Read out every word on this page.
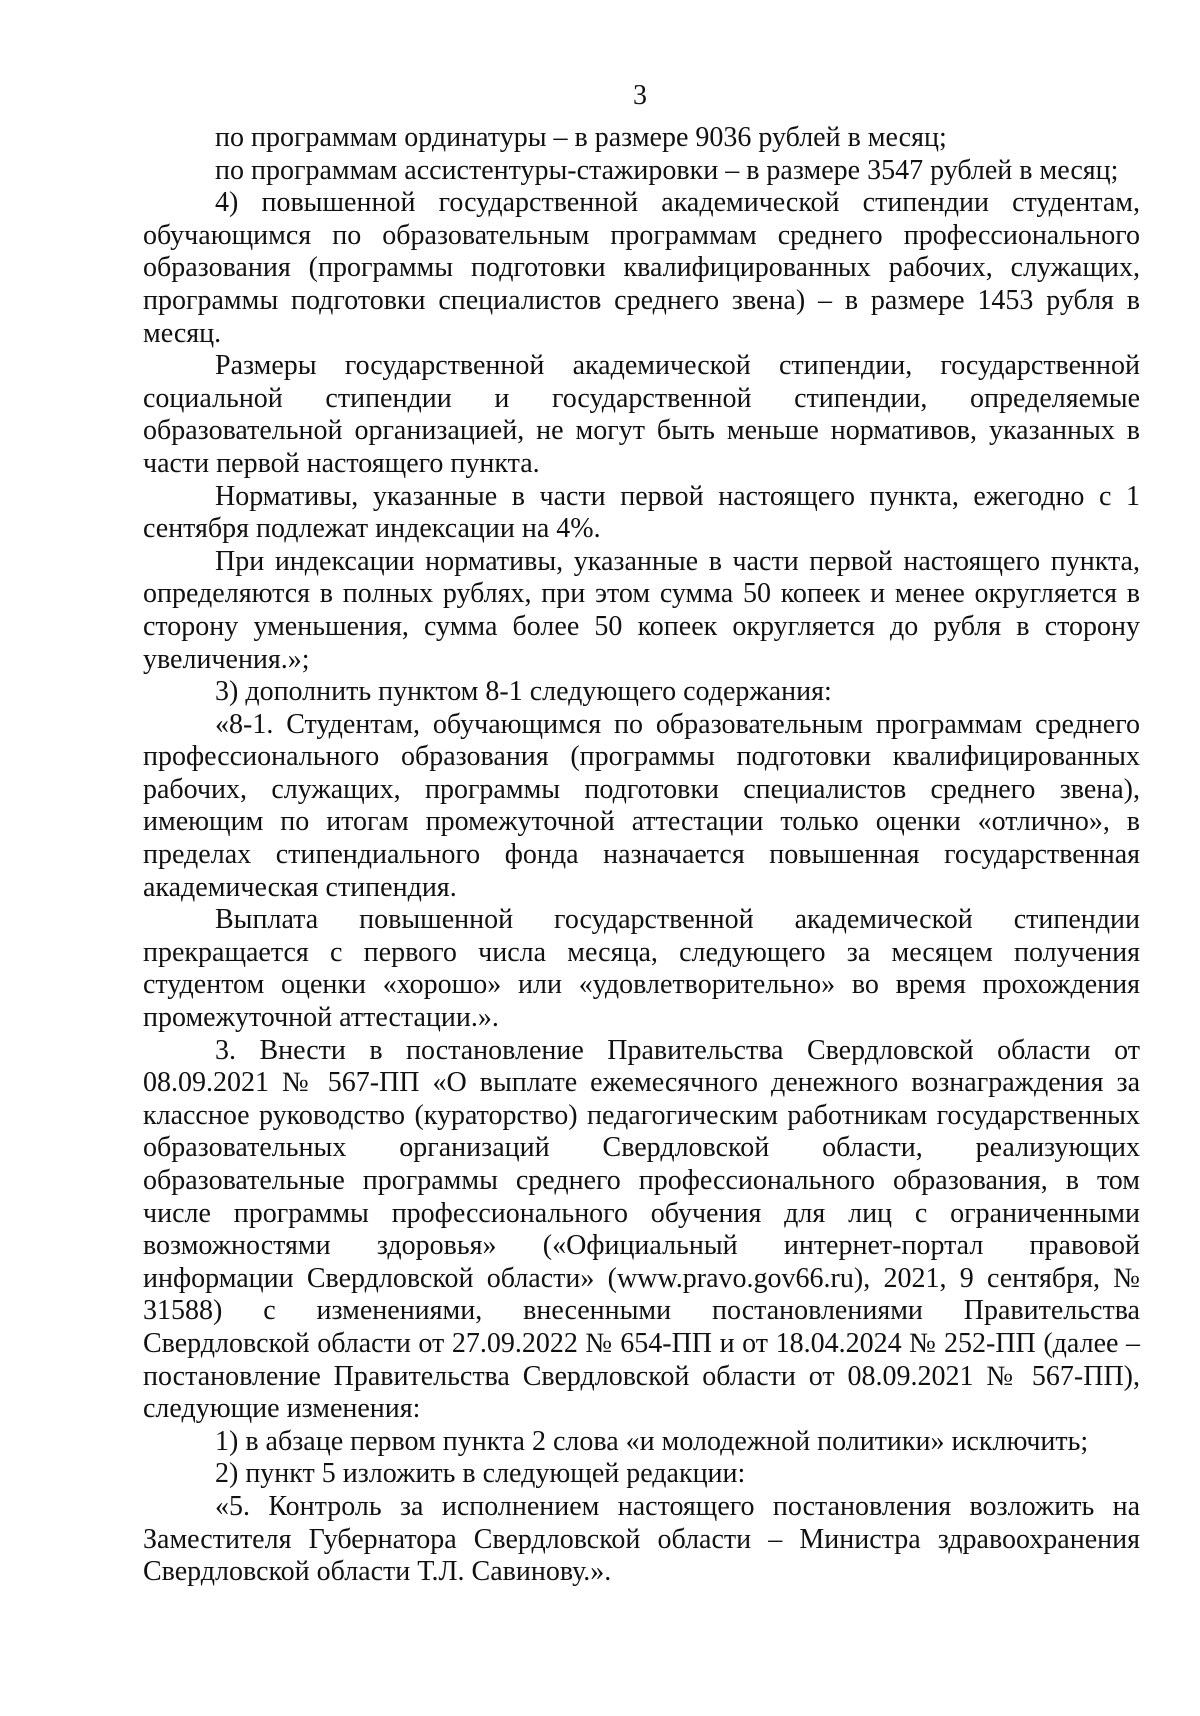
3

по программам ординатуры – в размере 9036 рублей в месяц;

по программам ассистентуры-стажировки – в размере 3547 рублей в месяц;

4) повышенной государственной академической стипендии студентам, обучающимся по образовательным программам среднего профессионального образования (программы подготовки квалифицированных рабочих, служащих, программы подготовки специалистов среднего звена) – в размере 1453 рубля в месяц.

Размеры государственной академической стипендии, государственной социальной стипендии и государственной стипендии, определяемые образовательной организацией, не могут быть меньше нормативов, указанных в части первой настоящего пункта.

Нормативы, указанные в части первой настоящего пункта, ежегодно с 1 сентября подлежат индексации на 4%.

При индексации нормативы, указанные в части первой настоящего пункта, определяются в полных рублях, при этом сумма 50 копеек и менее округляется в сторону уменьшения, сумма более 50 копеек округляется до рубля в сторону увеличения.»;

3) дополнить пунктом 8-1 следующего содержания:

«8-1. Студентам, обучающимся по образовательным программам среднего профессионального образования (программы подготовки квалифицированных рабочих, служащих, программы подготовки специалистов среднего звена), имеющим по итогам промежуточной аттестации только оценки «отлично», в пределах стипендиального фонда назначается повышенная государственная академическая стипендия.

Выплата повышенной государственной академической стипендии прекращается с первого числа месяца, следующего за месяцем получения студентом оценки «хорошо» или «удовлетворительно» во время прохождения промежуточной аттестации.».

3. Внести в постановление Правительства Свердловской области от 08.09.2021 № 567-ПП «О выплате ежемесячного денежного вознаграждения за классное руководство (кураторство) педагогическим работникам государственных образовательных организаций Свердловской области, реализующих образовательные программы среднего профессионального образования, в том числе программы профессионального обучения для лиц с ограниченными возможностями здоровья» («Официальный интернет-портал правовой информации Свердловской области» (www.pravo.gov66.ru), 2021, 9 сентября, № 31588) с изменениями, внесенными постановлениями Правительства Свердловской области от 27.09.2022 № 654-ПП и от 18.04.2024 № 252-ПП (далее – постановление Правительства Свердловской области от 08.09.2021 № 567-ПП), следующие изменения:

1) в абзаце первом пункта 2 слова «и молодежной политики» исключить;

2) пункт 5 изложить в следующей редакции:

«5. Контроль за исполнением настоящего постановления возложить на Заместителя Губернатора Свердловской области – Министра здравоохранения Свердловской области Т.Л. Савинову.».
